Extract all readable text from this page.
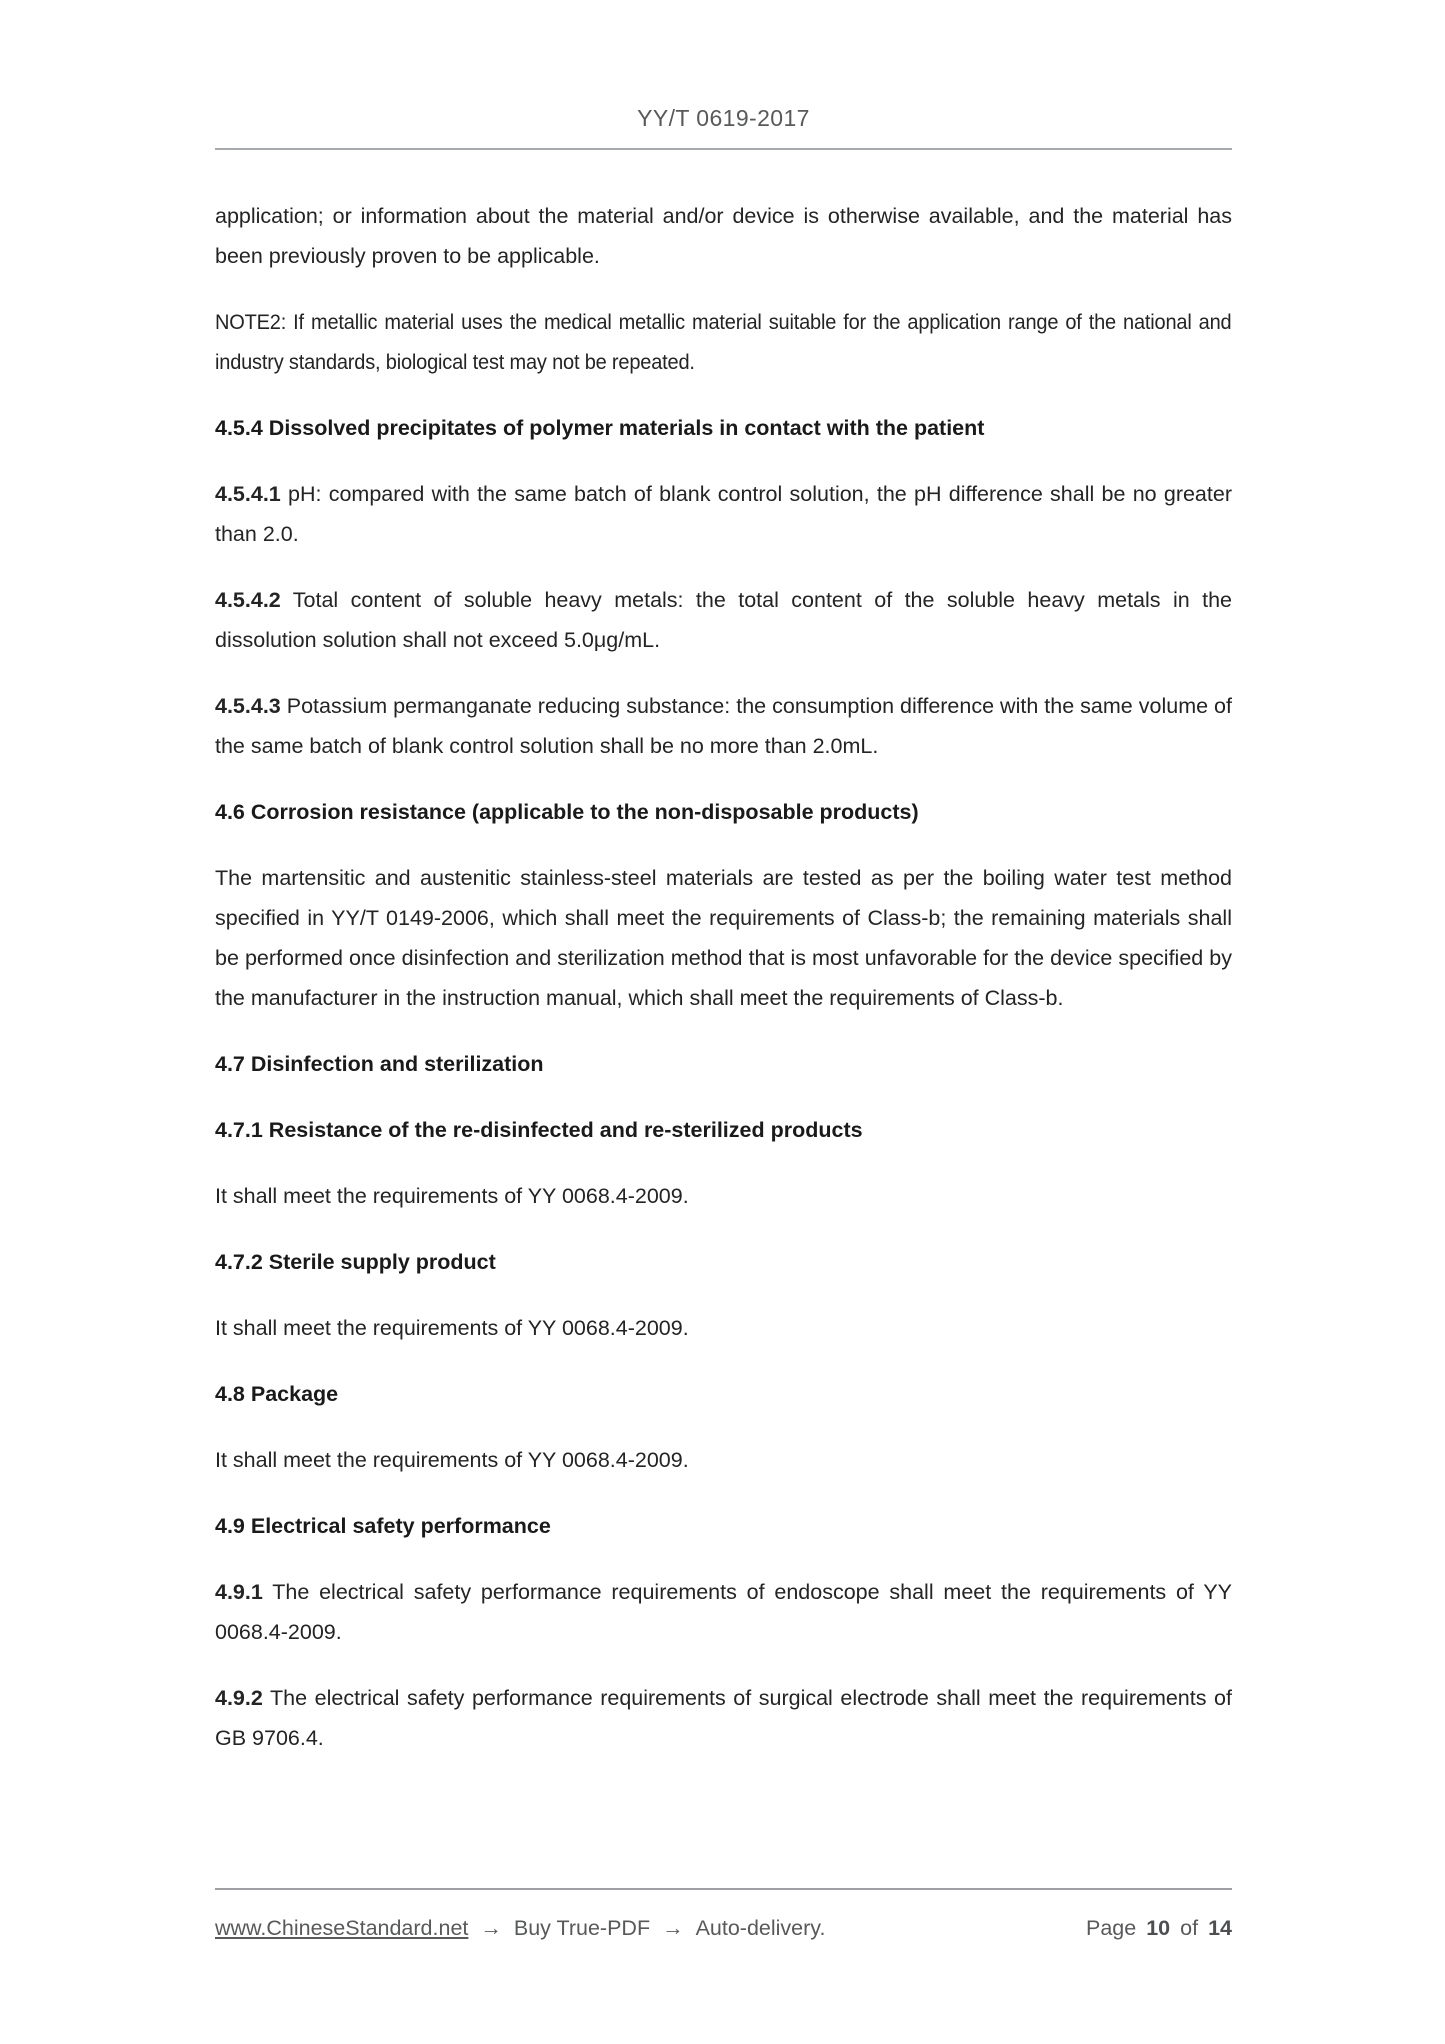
YY/T 0619-2017

application; or information about the material and/or device is otherwise available, and the material has been previously proven to be applicable.

NOTE2: If metallic material uses the medical metallic material suitable for the application range of the national and industry standards, biological test may not be repeated.

4.5.4 Dissolved precipitates of polymer materials in contact with the patient

4.5.4.1 pH: compared with the same batch of blank control solution, the pH difference shall be no greater than 2.0.

4.5.4.2 Total content of soluble heavy metals: the total content of the soluble heavy metals in the dissolution solution shall not exceed 5.0μg/mL.

4.5.4.3 Potassium permanganate reducing substance: the consumption difference with the same volume of the same batch of blank control solution shall be no more than 2.0mL.

4.6 Corrosion resistance (applicable to the non-disposable products)

The martensitic and austenitic stainless-steel materials are tested as per the boiling water test method specified in YY/T 0149-2006, which shall meet the requirements of Class-b; the remaining materials shall be performed once disinfection and sterilization method that is most unfavorable for the device specified by the manufacturer in the instruction manual, which shall meet the requirements of Class-b.

4.7 Disinfection and sterilization
4.7.1 Resistance of the re-disinfected and re-sterilized products

It shall meet the requirements of YY 0068.4-2009.

4.7.2 Sterile supply product

It shall meet the requirements of YY 0068.4-2009.

4.8 Package

It shall meet the requirements of YY 0068.4-2009.

4.9 Electrical safety performance

4.9.1 The electrical safety performance requirements of endoscope shall meet the requirements of YY 0068.4-2009.

4.9.2 The electrical safety performance requirements of surgical electrode shall meet the requirements of GB 9706.4.

www.ChineseStandard.net → Buy True-PDF → Auto-delivery.	Page 10 of 14
